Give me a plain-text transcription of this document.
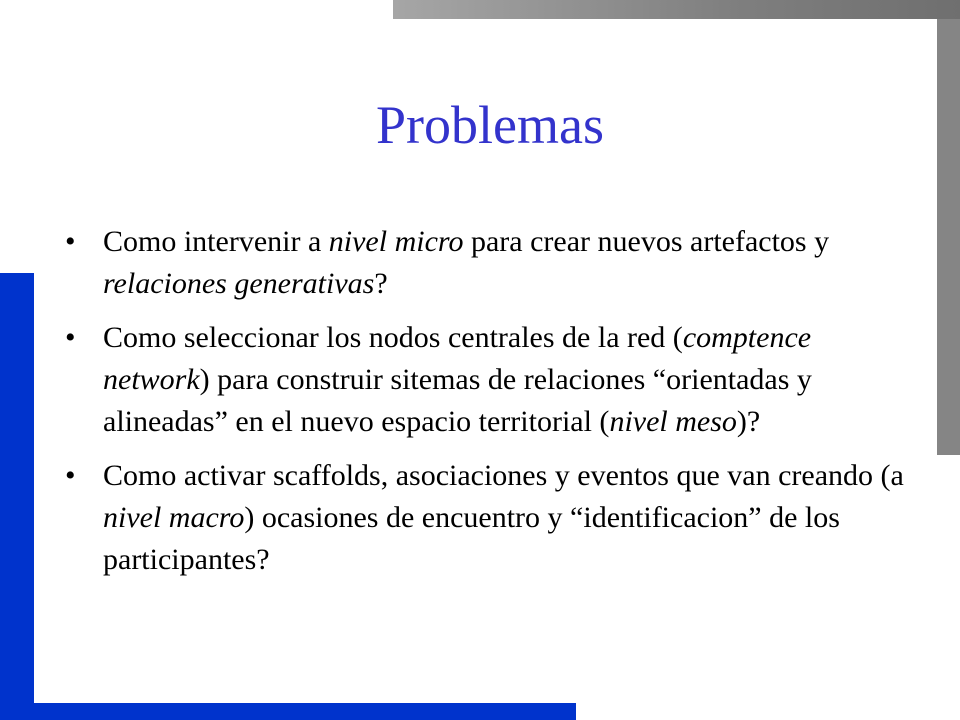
Problemas
• Como intervenir a nivel micro para crear nuevos artefactos y relaciones generativas?
• Como seleccionar los nodos centrales de la red (comptence network) para construir sitemas de relaciones “orientadas y alineadas” en el nuevo espacio territorial (nivel meso)?
• Como activar scaffolds, asociaciones y eventos que van creando (a nivel macro) ocasiones de encuentro y “identificacion” de los participantes?
